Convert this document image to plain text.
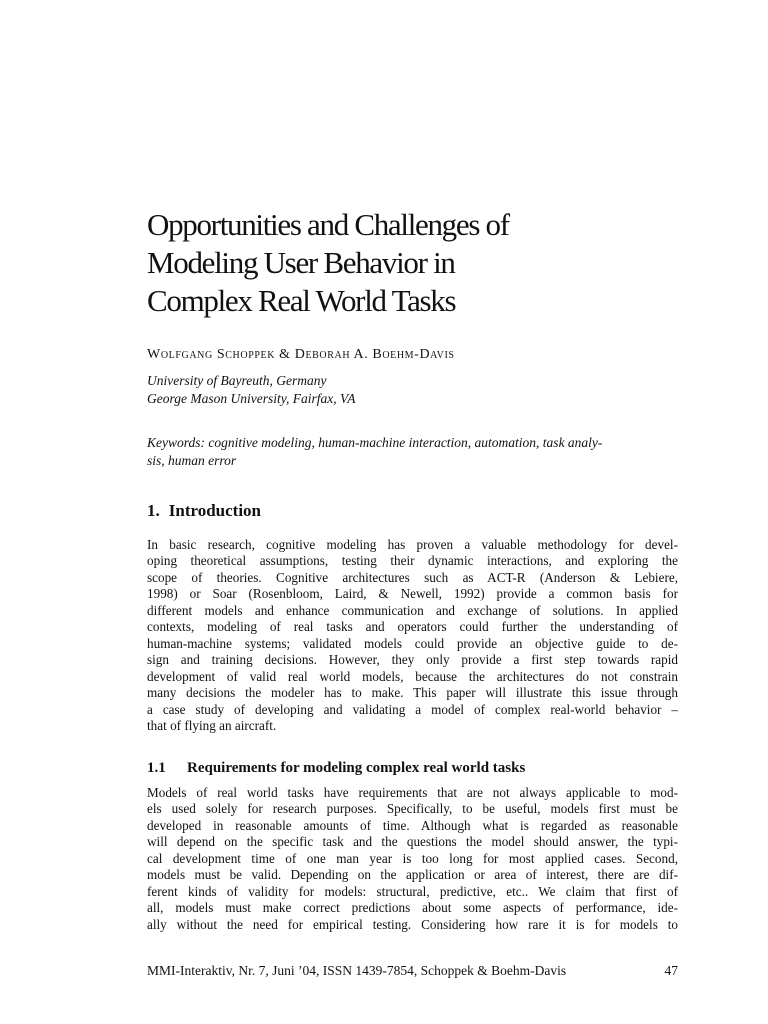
Opportunities and Challenges of
Modeling User Behavior in
Complex Real World Tasks
Wolfgang Schoppek & Deborah A. Boehm-Davis
University of Bayreuth, Germany
George Mason University, Fairfax, VA
Keywords: cognitive modeling, human-machine interaction, automation, task analy-
sis, human error
1. Introduction
In basic research, cognitive modeling has proven a valuable methodology for devel-
oping theoretical assumptions, testing their dynamic interactions, and exploring the
scope of theories. Cognitive architectures such as ACT-R (Anderson & Lebiere,
1998) or Soar (Rosenbloom, Laird, & Newell, 1992) provide a common basis for
different models and enhance communication and exchange of solutions. In applied
contexts, modeling of real tasks and operators could further the understanding of
human-machine systems; validated models could provide an objective guide to de-
sign and training decisions. However, they only provide a first step towards rapid
development of valid real world models, because the architectures do not constrain
many decisions the modeler has to make. This paper will illustrate this issue through
a case study of developing and validating a model of complex real-world behavior –
that of flying an aircraft.
1.1 Requirements for modeling complex real world tasks
Models of real world tasks have requirements that are not always applicable to mod-
els used solely for research purposes. Specifically, to be useful, models first must be
developed in reasonable amounts of time. Although what is regarded as reasonable
will depend on the specific task and the questions the model should answer, the typi-
cal development time of one man year is too long for most applied cases. Second,
models must be valid. Depending on the application or area of interest, there are dif-
ferent kinds of validity for models: structural, predictive, etc.. We claim that first of
all, models must make correct predictions about some aspects of performance, ide-
ally without the need for empirical testing. Considering how rare it is for models to
MMI-Interaktiv, Nr. 7, Juni ’04, ISSN 1439-7854, Schoppek & Boehm-Davis	47
